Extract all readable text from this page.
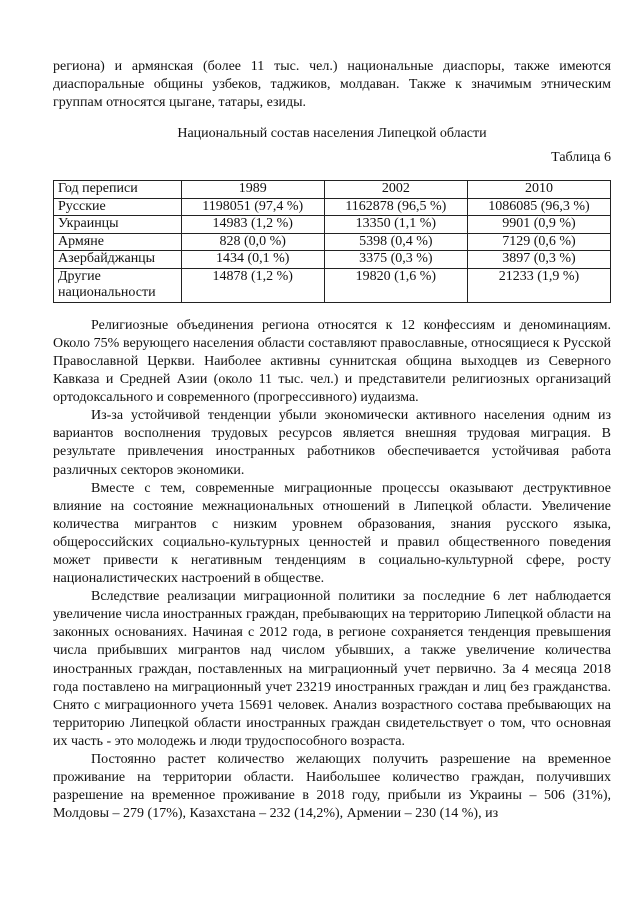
региона) и армянская (более 11 тыс. чел.) национальные диаспоры, также имеются диаспоральные общины узбеков, таджиков, молдаван. Также к значимым этническим группам относятся цыгане, татары, езиды.

Национальный состав населения Липецкой области
Таблица 6
Год переписи	1989	2002	2010
Русские	1198051 (97,4 %)	1162878 (96,5 %)	1086085 (96,3 %)
Украинцы	14983 (1,2 %)	13350 (1,1 %)	9901 (0,9 %)
Армяне	828 (0,0 %)	5398 (0,4 %)	7129 (0,6 %)
Азербайджанцы	1434 (0,1 %)	3375 (0,3 %)	3897 (0,3 %)
Другие национальности	14878 (1,2 %)	19820 (1,6 %)	21233 (1,9 %)

Религиозные объединения региона относятся к 12 конфессиям и деноминациям. Около 75% верующего населения области составляют православные, относящиеся к Русской Православной Церкви. Наиболее активны суннитская община выходцев из Северного Кавказа и Средней Азии (около 11 тыс. чел.) и представители религиозных организаций ортодоксального и современного (прогрессивного) иудаизма.

Из-за устойчивой тенденции убыли экономически активного населения одним из вариантов восполнения трудовых ресурсов является внешняя трудовая миграция. В результате привлечения иностранных работников обеспечивается устойчивая работа различных секторов экономики.

Вместе с тем, современные миграционные процессы оказывают деструктивное влияние на состояние межнациональных отношений в Липецкой области. Увеличение количества мигрантов с низким уровнем образования, знания русского языка, общероссийских социально-культурных ценностей и правил общественного поведения может привести к негативным тенденциям в социально-культурной сфере, росту националистических настроений в обществе.

Вследствие реализации миграционной политики за последние 6 лет наблюдается увеличение числа иностранных граждан, пребывающих на территорию Липецкой области на законных основаниях. Начиная с 2012 года, в регионе сохраняется тенденция превышения числа прибывших мигрантов над числом убывших, а также увеличение количества иностранных граждан, поставленных на миграционный учет первично. За 4 месяца 2018 года поставлено на миграционный учет 23219 иностранных граждан и лиц без гражданства. Снято с миграционного учета 15691 человек. Анализ возрастного состава пребывающих на территорию Липецкой области иностранных граждан свидетельствует о том, что основная их часть - это молодежь и люди трудоспособного возраста.

Постоянно растет количество желающих получить разрешение на временное проживание на территории области. Наибольшее количество граждан, получивших разрешение на временное проживание в 2018 году, прибыли из Украины – 506 (31%), Молдовы – 279 (17%), Казахстана – 232 (14,2%), Армении – 230 (14 %), из
